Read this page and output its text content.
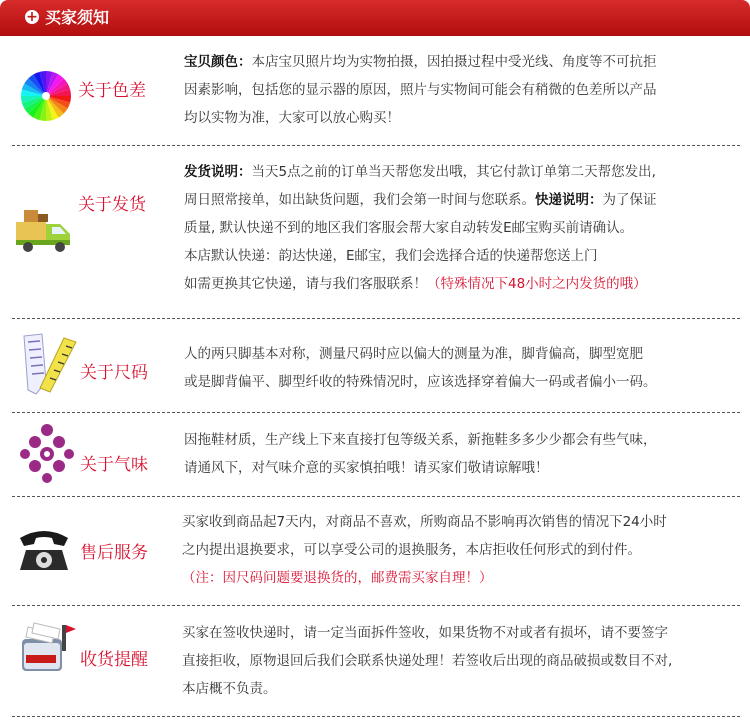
+ 买家须知
关于色差
宝贝颜色：本店宝贝照片均为实物拍摄，因拍摄过程中受光线、角度等不可抗拒
因素影响，包括您的显示器的原因，照片与实物间可能会有稍微的色差所以产品
均以实物为准，大家可以放心购买！
关于发货
发货说明：当天5点之前的订单当天帮您发出哦，其它付款订单第二天帮您发出,
周日照常接单，如出缺货问题，我们会第一时间与您联系。快递说明：为了保证
质量, 默认快递不到的地区我们客服会帮大家自动转发E邮宝购买前请确认。
本店默认快递：韵达快递，E邮宝，我们会选择合适的快递帮您送上门
如需更换其它快递，请与我们客服联系！（特殊情况下48小时之内发货的哦）
关于尺码
人的两只脚基本对称，测量尺码时应以偏大的测量为准，脚背偏高，脚型宽肥
或是脚背偏平、脚型纤收的特殊情况时，应该选择穿着偏大一码或者偏小一码。
关于气味
因拖鞋材质，生产线上下来直接打包等级关系，新拖鞋多多少少都会有些气味，
请通风下，对气味介意的买家慎拍哦！请买家们敬请谅解哦！
售后服务
买家收到商品起7天内，对商品不喜欢，所购商品不影响再次销售的情况下24小时
之内提出退换要求，可以享受公司的退换服务，本店拒收任何形式的到付件。
（注：因尺码问题要退换货的，邮费需买家自理！）
收货提醒
买家在签收快递时，请一定当面拆件签收，如果货物不对或者有损坏，请不要签字
直接拒收，原物退回后我们会联系快递处理！若签收后出现的商品破损或数目不对,
本店概不负责。
